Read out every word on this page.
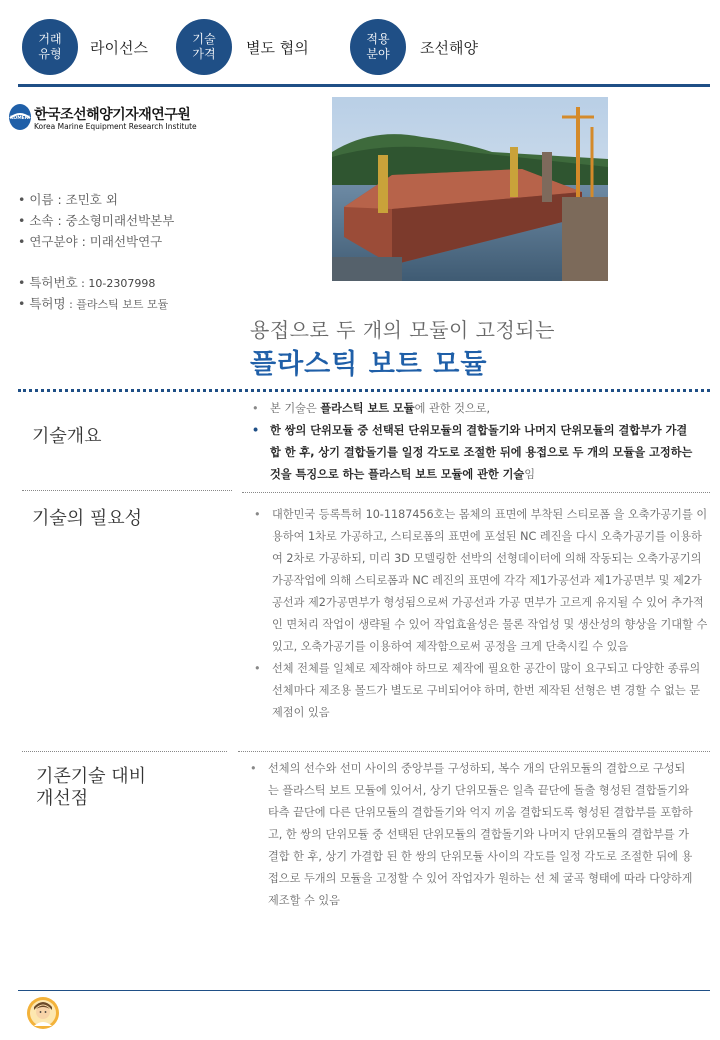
거래
유형 라이선스	기술
가격 별도 협의	적용
분야 조선해양
KOMERI 한국조선해양기자재연구원
Korea Marine Equipment Research Institute
• 이름 : 조민호 외
• 소속 : 중소형미래선박본부
• 연구분야 : 미래선박연구
• 특허번호 : 10-2307998
• 특허명 : 플라스틱 보트 모듈
용접으로 두 개의 모듈이 고정되는
플라스틱 보트 모듈
기술개요
• 본 기술은 플라스틱 보트 모듈에 관한 것으로,
• 한 쌍의 단위모듈 중 선택된 단위모듈의 결합돌기와 나머지 단위모듈의 결합부가 가결합 한 후, 상기 결합돌기를 일정 각도로 조절한 뒤에 용접으로 두 개의 모듈을 고정하는 것을 특징으로 하는 플라스틱 보트 모듈에 관한 기술임
기술의 필요성	• 대한민국 등록특허 10-1187456호는 몸체의 표면에 부착된 스티로폼 을 오축가공기를 이용하여 1차로 가공하고, 스티로폼의 표면에 포설된 NC 레진을 다시 오축가공기를 이용하여 2차로 가공하되, 미리 3D 모델링한 선박의 선형데이터에 의해 작동되는 오축가공기의 가공작업에 의해 스티로폼과 NC 레진의 표면에 각각 제1가공선과 제1가공면부 및 제2가공선과 제2가공면부가 형성됨으로써 가공선과 가공 면부가 고르게 유지될 수 있어 추가적인 면처리 작업이 생략될 수 있어 작업효율성은 물론 작업성 및 생산성의 향상을 기대할 수 있고, 오축가공기를 이용하여 제작함으로써 공정을 크게 단축시킬 수 있음
• 선체 전체를 일체로 제작해야 하므로 제작에 필요한 공간이 많이 요구되고 다양한 종류의 선체마다 제조용 몰드가 별도로 구비되어야 하며, 한번 제작된 선형은 변 경할 수 없는 문제점이 있음
기존기술 대비
개선점
• 선체의 선수와 선미 사이의 중앙부를 구성하되, 복수 개의 단위모듈의 결합으로 구성되는 플라스틱 보트 모듈에 있어서, 상기 단위모듈은 일측 끝단에 돌출 형성된 결합돌기와 타측 끝단에 다른 단위모듈의 결합돌기와 억지 끼움 결합되도록 형성된 결합부를 포함하고, 한 쌍의 단위모듈 중 선택된 단위모듈의 결합돌기와 나머지 단위모듈의 결합부를 가결합 한 후, 상기 가결합 된 한 쌍의 단위모듈 사이의 각도를 일정 각도로 조절한 뒤에 용접으로 두개의 모듈을 고정할 수 있어 작업자가 원하는 선 체 굴곡 형태에 따라 다양하게 제조할 수 있음
